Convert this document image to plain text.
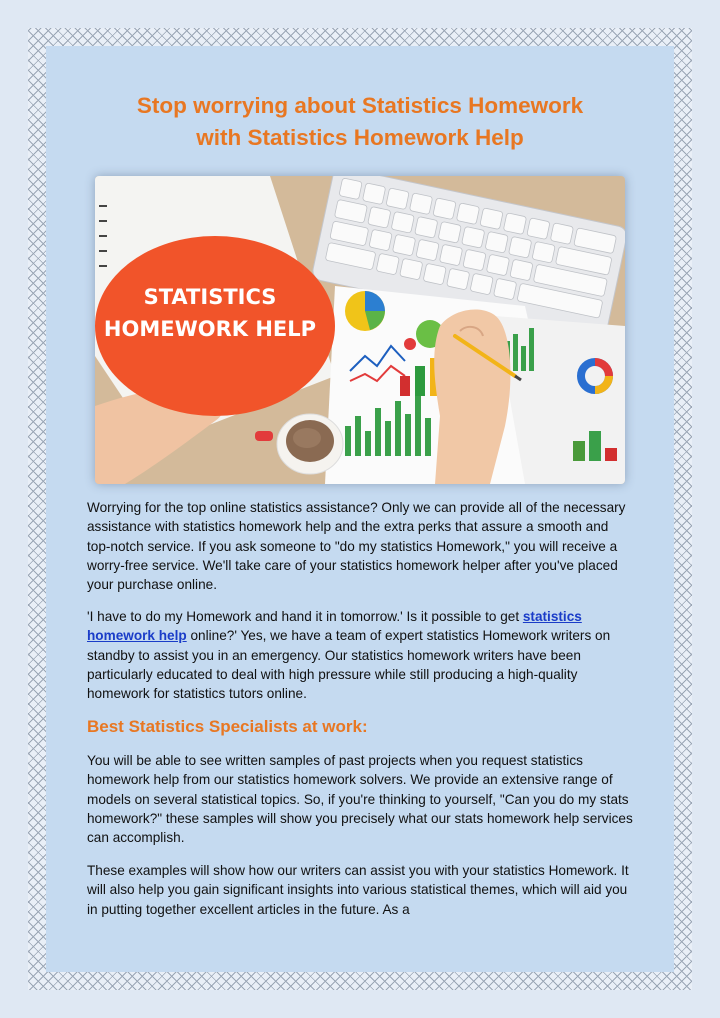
Stop worrying about Statistics Homework
with Statistics Homework Help
STATISTICS
HOMEWORK HELP

Worrying for the top online statistics assistance? Only we can provide all of the necessary assistance with statistics homework help and the extra perks that assure a smooth and top-notch service. If you ask someone to "do my statistics Homework," you will receive a worry-free service. We'll take care of your statistics homework helper after you've placed your purchase online.

'I have to do my Homework and hand it in tomorrow.' Is it possible to get statistics homework help online?' Yes, we have a team of expert statistics Homework writers on standby to assist you in an emergency. Our statistics homework writers have been particularly educated to deal with high pressure while still producing a high-quality homework for statistics tutors online.

Best Statistics Specialists at work:

You will be able to see written samples of past projects when you request statistics homework help from our statistics homework solvers. We provide an extensive range of models on several statistical topics. So, if you're thinking to yourself, "Can you do my stats homework?" these samples will show you precisely what our stats homework help services can accomplish.

These examples will show how our writers can assist you with your statistics Homework. It will also help you gain significant insights into various statistical themes, which will aid you in putting together excellent articles in the future. As a
